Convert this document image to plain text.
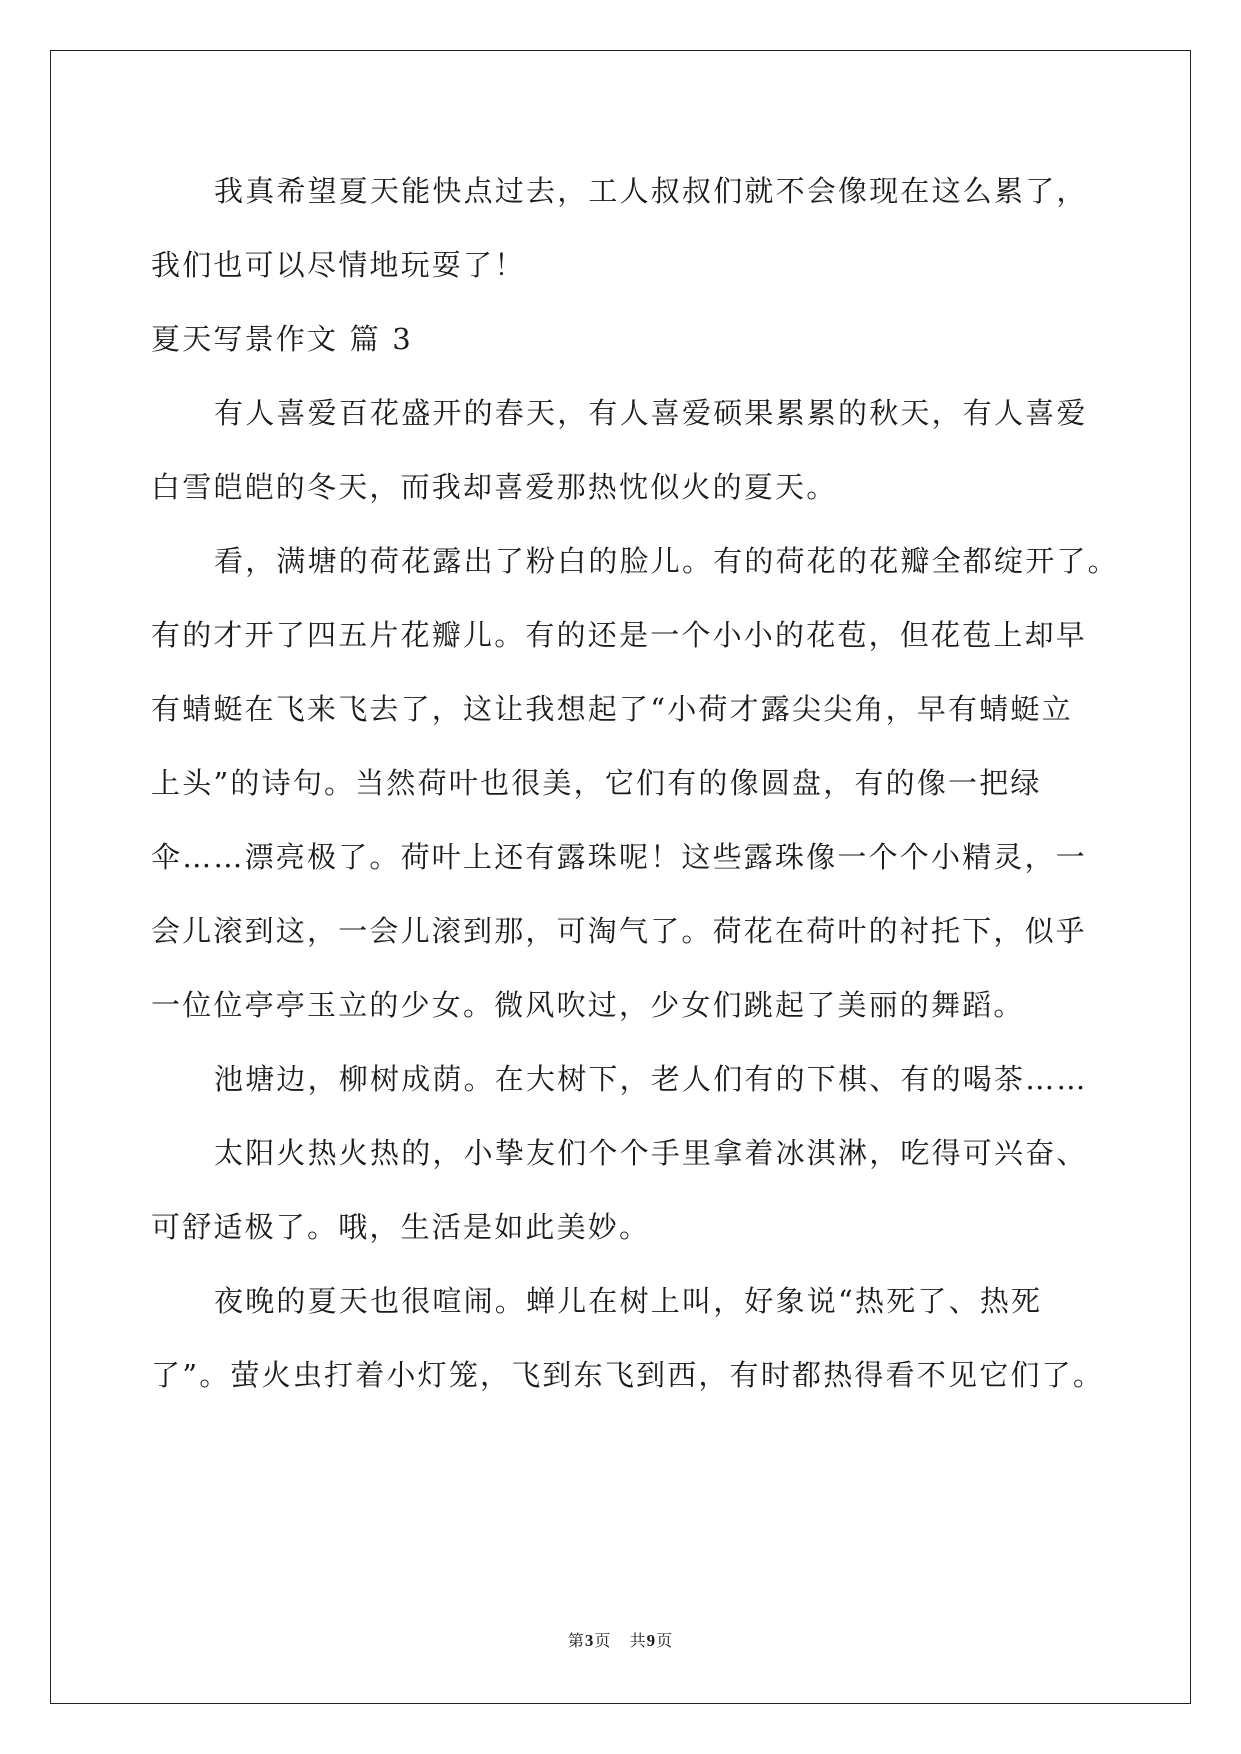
我真希望夏天能快点过去，工人叔叔们就不会像现在这么累了，
我们也可以尽情地玩耍了！
夏天写景作文 篇 3
有人喜爱百花盛开的春天，有人喜爱硕果累累的秋天，有人喜爱
白雪皑皑的冬天，而我却喜爱那热忱似火的夏天。
看，满塘的荷花露出了粉白的脸儿。有的荷花的花瓣全都绽开了。
有的才开了四五片花瓣儿。有的还是一个小小的花苞，但花苞上却早
有蜻蜓在飞来飞去了，这让我想起了“小荷才露尖尖角，早有蜻蜓立
上头”的诗句。当然荷叶也很美，它们有的像圆盘，有的像一把绿
伞……漂亮极了。荷叶上还有露珠呢！这些露珠像一个个小精灵，一
会儿滚到这，一会儿滚到那，可淘气了。荷花在荷叶的衬托下，似乎
一位位亭亭玉立的少女。微风吹过，少女们跳起了美丽的舞蹈。
池塘边，柳树成荫。在大树下，老人们有的下棋、有的喝茶……
太阳火热火热的，小挚友们个个手里拿着冰淇淋，吃得可兴奋、
可舒适极了。哦，生活是如此美妙。
夜晚的夏天也很喧闹。蝉儿在树上叫，好象说“热死了、热死
了”。萤火虫打着小灯笼，飞到东飞到西，有时都热得看不见它们了。
第3页 共9页
